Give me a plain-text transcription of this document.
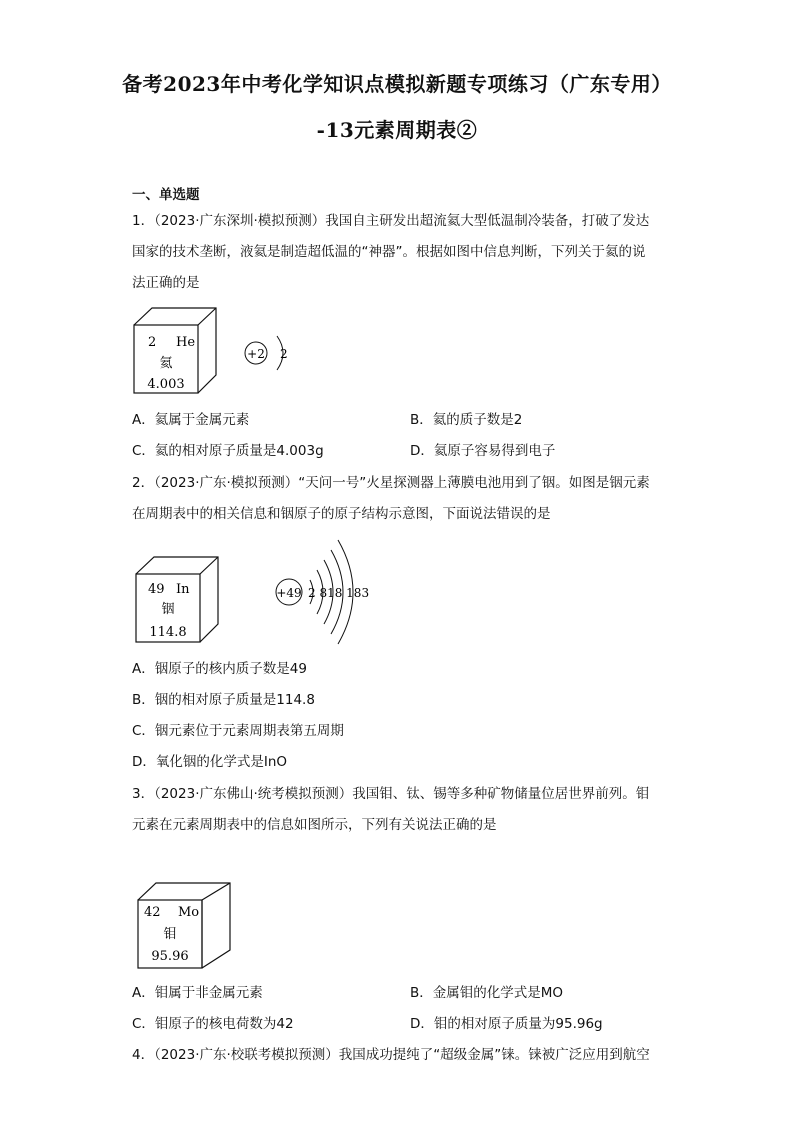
备考2023年中考化学知识点模拟新题专项练习（广东专用）
-13元素周期表②
一、单选题
1．（2023·广东深圳·模拟预测）我国自主研发出超流氦大型低温制冷装备，打破了发达
国家的技术垄断，液氦是制造超低温的“神器”。根据如图中信息判断，下列关于氦的说
法正确的是
2 He
氦
4.003
+2 2
A．氦属于金属元素	B．氦的质子数是2
C．氦的相对原子质量是4.003g	D．氦原子容易得到电子
2．（2023·广东·模拟预测）“天问一号”火星探测器上薄膜电池用到了铟。如图是铟元素
在周期表中的相关信息和铟原子的原子结构示意图，下面说法错误的是
49 In
铟
114.8
+49 2 818 183
A．铟原子的核内质子数是49
B．铟的相对原子质量是114.8
C．铟元素位于元素周期表第五周期
D．氧化铟的化学式是InO
3．（2023·广东佛山·统考模拟预测）我国钼、钛、锡等多种矿物储量位居世界前列。钼
元素在元素周期表中的信息如图所示，下列有关说法正确的是
42 Mo
钼
95.96
A．钼属于非金属元素	B．金属钼的化学式是MO
C．钼原子的核电荷数为42	D．钼的相对原子质量为95.96g
4．（2023·广东·校联考模拟预测）我国成功提纯了“超级金属”铼。铼被广泛应用到航空
